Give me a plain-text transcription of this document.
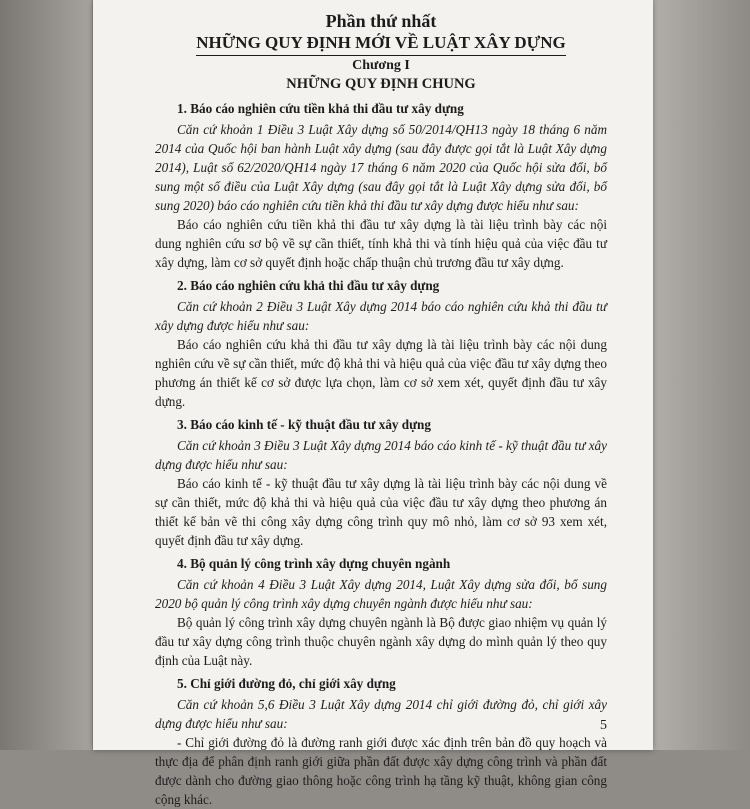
Phần thứ nhất

NHỮNG QUY ĐỊNH MỚI VỀ LUẬT XÂY DỰNG

Chương I

NHỮNG QUY ĐỊNH CHUNG

1. Báo cáo nghiên cứu tiền khả thi đầu tư xây dựng

Căn cứ khoản 1 Điều 3 Luật Xây dựng số 50/2014/QH13 ngày 18 tháng 6 năm 2014 của Quốc hội ban hành Luật xây dựng (sau đây được gọi tắt là Luật Xây dựng 2014), Luật số 62/2020/QH14 ngày 17 tháng 6 năm 2020 của Quốc hội sửa đổi, bổ sung một số điều của Luật Xây dựng (sau đây gọi tắt là Luật Xây dựng sửa đổi, bổ sung 2020) báo cáo nghiên cứu tiền khả thi đầu tư xây dựng được hiểu như sau:

Báo cáo nghiên cứu tiền khả thi đầu tư xây dựng là tài liệu trình bày các nội dung nghiên cứu sơ bộ về sự cần thiết, tính khả thi và tính hiệu quả của việc đầu tư xây dựng, làm cơ sở quyết định hoặc chấp thuận chủ trương đầu tư xây dựng.

2. Báo cáo nghiên cứu khả thi đầu tư xây dựng

Căn cứ khoản 2 Điều 3 Luật Xây dựng 2014 báo cáo nghiên cứu khả thi đầu tư xây dựng được hiểu như sau:

Báo cáo nghiên cứu khả thi đầu tư xây dựng là tài liệu trình bày các nội dung nghiên cứu về sự cần thiết, mức độ khả thi và hiệu quả của việc đầu tư xây dựng theo phương án thiết kế cơ sở được lựa chọn, làm cơ sở xem xét, quyết định đầu tư xây dựng.

3. Báo cáo kinh tế - kỹ thuật đầu tư xây dựng

Căn cứ khoản 3 Điều 3 Luật Xây dựng 2014 báo cáo kinh tế - kỹ thuật đầu tư xây dựng được hiểu như sau:

Báo cáo kinh tế - kỹ thuật đầu tư xây dựng là tài liệu trình bày các nội dung về sự cần thiết, mức độ khả thi và hiệu quả của việc đầu tư xây dựng theo phương án thiết kế bản vẽ thi công xây dựng công trình quy mô nhỏ, làm cơ sở 93 xem xét, quyết định đầu tư xây dựng.

4. Bộ quản lý công trình xây dựng chuyên ngành

Căn cứ khoản 4 Điều 3 Luật Xây dựng 2014, Luật Xây dựng sửa đổi, bổ sung 2020 bộ quản lý công trình xây dựng chuyên ngành được hiểu như sau:

Bộ quản lý công trình xây dựng chuyên ngành là Bộ được giao nhiệm vụ quản lý đầu tư xây dựng công trình thuộc chuyên ngành xây dựng do mình quản lý theo quy định của Luật này.

5. Chỉ giới đường đỏ, chỉ giới xây dựng

Căn cứ khoản 5,6 Điều 3 Luật Xây dựng 2014 chỉ giới đường đỏ, chỉ giới xây dựng được hiểu như sau:

- Chỉ giới đường đỏ là đường ranh giới được xác định trên bản đồ quy hoạch và thực địa để phân định ranh giới giữa phần đất được xây dựng công trình và phần đất được dành cho đường giao thông hoặc công trình hạ tầng kỹ thuật, không gian công cộng khác.

5
